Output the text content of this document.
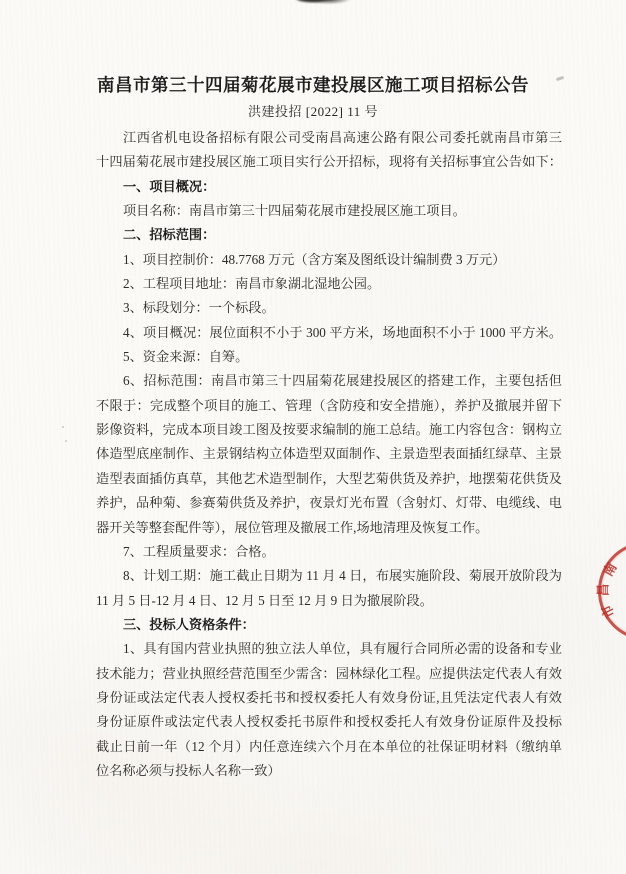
南昌市第三十四届菊花展市建投展区施工项目招标公告
洪建投招 [2022] 11 号
江西省机电设备招标有限公司受南昌高速公路有限公司委托就南昌市第三
十四届菊花展市建投展区施工项目实行公开招标，现将有关招标事宜公告如下：
一、项目概况：
项目名称：南昌市第三十四届菊花展市建投展区施工项目。
二、招标范围：
1、项目控制价：48.7768 万元（含方案及图纸设计编制费 3 万元）
2、工程项目地址：南昌市象湖北湿地公园。
3、标段划分：一个标段。
4、项目概况：展位面积不小于 300 平方米，场地面积不小于 1000 平方米。
5、资金来源：自筹。
6、招标范围：南昌市第三十四届菊花展建投展区的搭建工作，主要包括但
不限于：完成整个项目的施工、管理（含防疫和安全措施），养护及撤展并留下
影像资料，完成本项目竣工图及按要求编制的施工总结。施工内容包含：钢构立
体造型底座制作、主景钢结构立体造型双面制作、主景造型表面插红绿草、主景
造型表面插仿真草，其他艺术造型制作，大型艺菊供货及养护，地摆菊花供货及
养护，品种菊、参赛菊供货及养护，夜景灯光布置（含射灯、灯带、电缆线、电
器开关等整套配件等），展位管理及撤展工作,场地清理及恢复工作。
7、工程质量要求：合格。
8、计划工期：施工截止日期为 11 月 4 日，布展实施阶段、菊展开放阶段为
11 月 5 日-12 月 4 日、12 月 5 日至 12 月 9 日为撤展阶段。
三、投标人资格条件：
1、具有国内营业执照的独立法人单位，具有履行合同所必需的设备和专业
技术能力；营业执照经营范围至少需含：园林绿化工程。应提供法定代表人有效
身份证或法定代表人授权委托书和授权委托人有效身份证,且凭法定代表人有效
身份证原件或法定代表人授权委托书原件和授权委托人有效身份证原件及投标
截止日前一年（12 个月）内任意连续六个月在本单位的社保证明材料（缴纳单
位名称必须与投标人名称一致）
南
昌
市
